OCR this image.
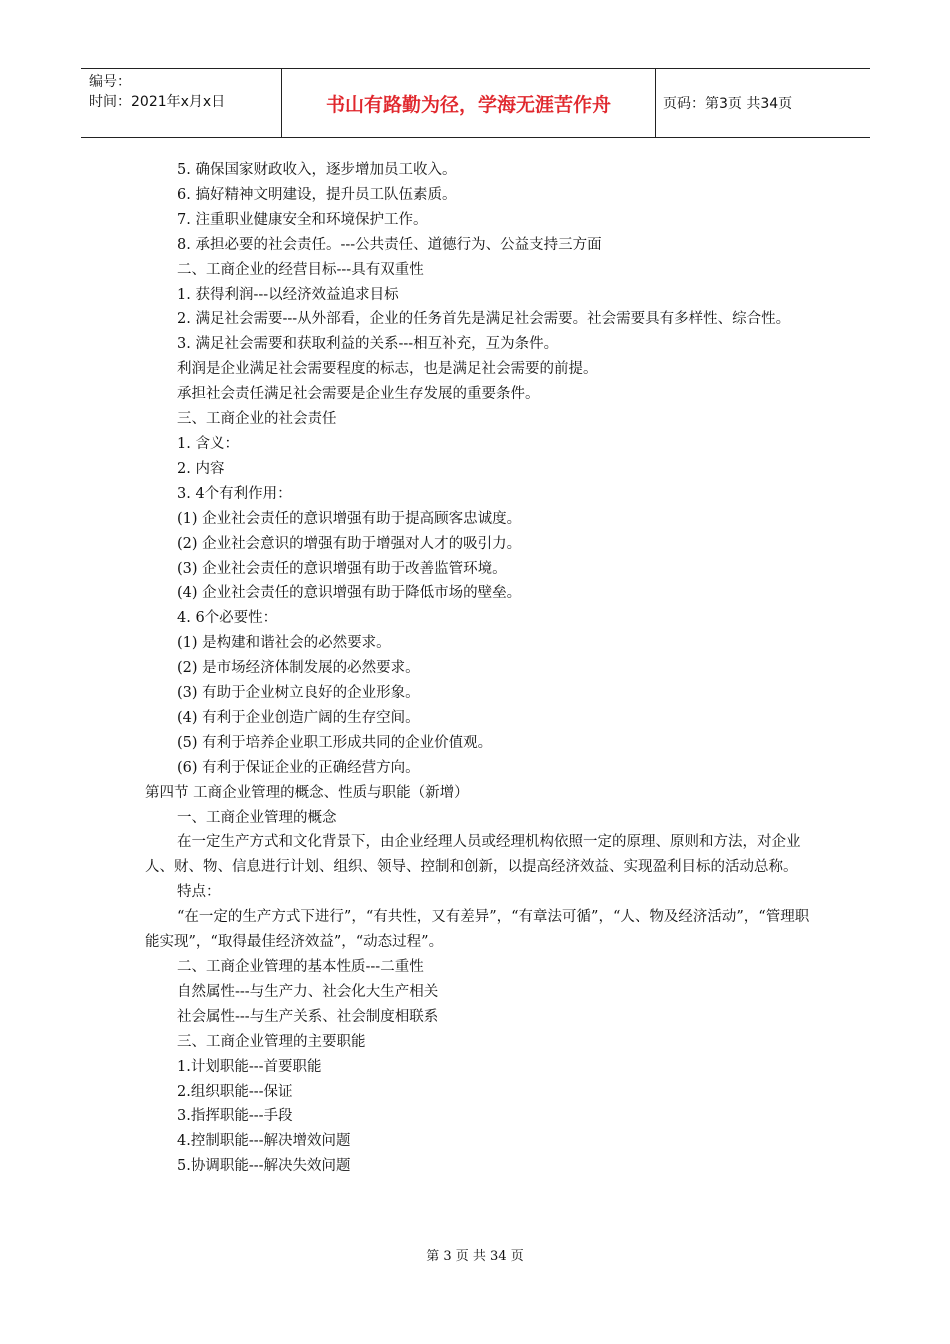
编号：
时间：2021年x月x日	书山有路勤为径，学海无涯苦作舟	页码：第3页 共34页

5. 确保国家财政收入，逐步增加员工收入。

6. 搞好精神文明建设，提升员工队伍素质。

7. 注重职业健康安全和环境保护工作。

8. 承担必要的社会责任。---公共责任、道德行为、公益支持三方面

二、工商企业的经营目标---具有双重性

1. 获得利润---以经济效益追求目标

2. 满足社会需要---从外部看，企业的任务首先是满足社会需要。社会需要具有多样性、综合性。

3. 满足社会需要和获取利益的关系---相互补充，互为条件。

利润是企业满足社会需要程度的标志，也是满足社会需要的前提。

承担社会责任满足社会需要是企业生存发展的重要条件。

三、工商企业的社会责任

1. 含义：

2. 内容

3. 4个有利作用：

(1) 企业社会责任的意识增强有助于提高顾客忠诚度。

(2) 企业社会意识的增强有助于增强对人才的吸引力。

(3) 企业社会责任的意识增强有助于改善监管环境。

(4) 企业社会责任的意识增强有助于降低市场的壁垒。

4. 6个必要性：

(1) 是构建和谐社会的必然要求。

(2) 是市场经济体制发展的必然要求。

(3) 有助于企业树立良好的企业形象。

(4) 有利于企业创造广阔的生存空间。

(5) 有利于培养企业职工形成共同的企业价值观。

(6) 有利于保证企业的正确经营方向。

第四节 工商企业管理的概念、性质与职能（新增）

一、工商企业管理的概念

在一定生产方式和文化背景下，由企业经理人员或经理机构依照一定的原理、原则和方法，对企业人、财、物、信息进行计划、组织、领导、控制和创新，以提高经济效益、实现盈利目标的活动总称。

特点：

“在一定的生产方式下进行”，“有共性，又有差异”，“有章法可循”，“人、物及经济活动”，“管理职能实现”，“取得最佳经济效益”，“动态过程”。

二、工商企业管理的基本性质---二重性

自然属性---与生产力、社会化大生产相关

社会属性---与生产关系、社会制度相联系

三、工商企业管理的主要职能

1.计划职能---首要职能

2.组织职能---保证

3.指挥职能---手段

4.控制职能---解决增效问题

5.协调职能---解决失效问题

第 3 页 共 34 页
